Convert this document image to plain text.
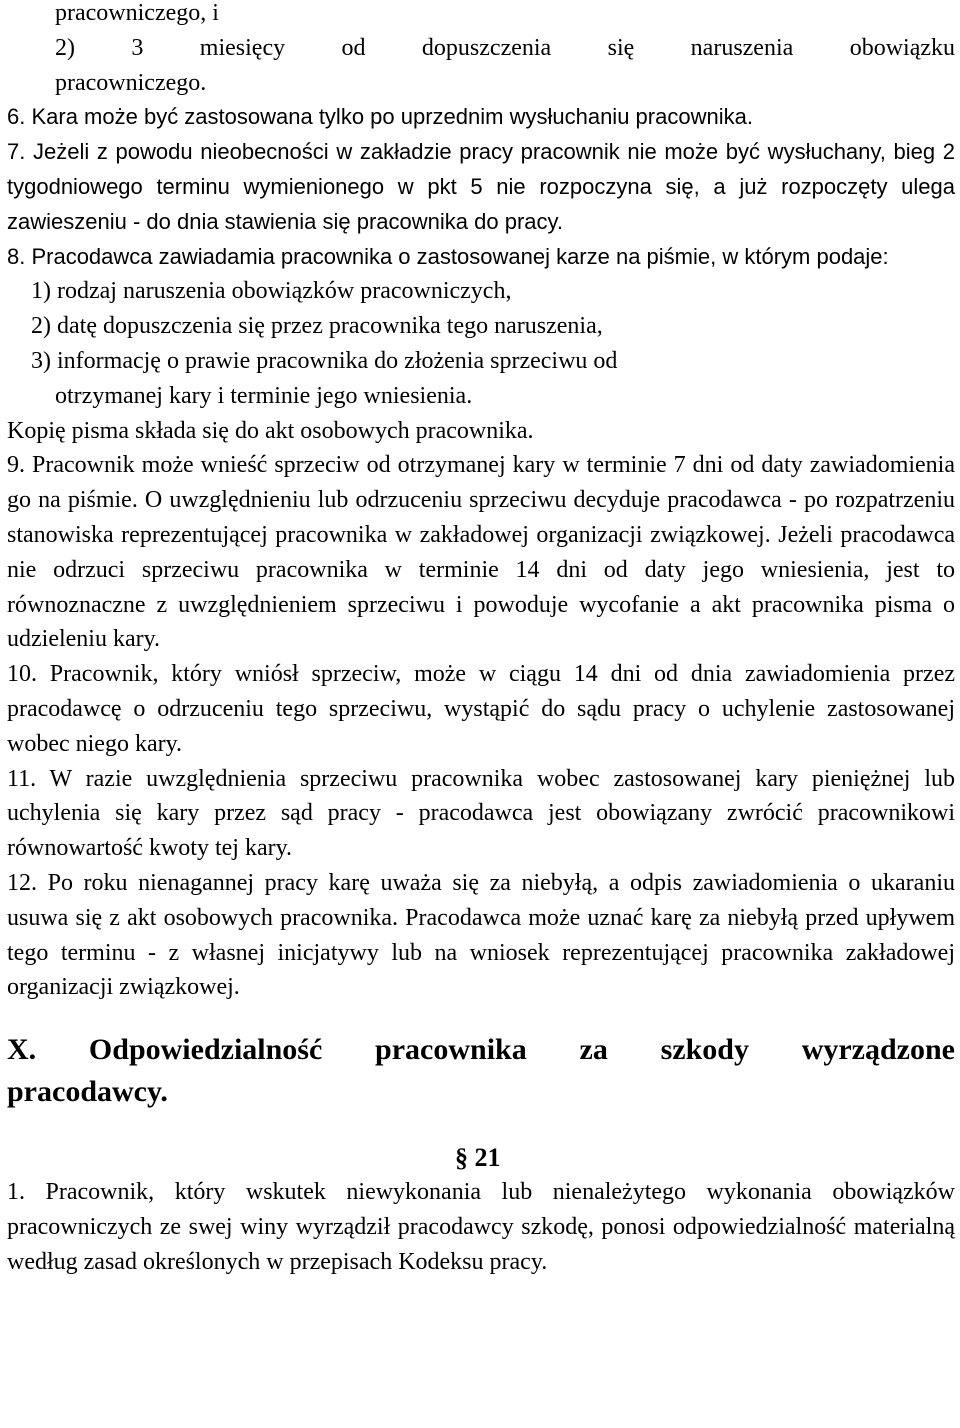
pracowniczego, i

2) 3 miesięcy od dopuszczenia się naruszenia obowiązku

pracowniczego.

6. Kara może być zastosowana tylko po uprzednim wysłuchaniu pracownika.

7. Jeżeli z powodu nieobecności w zakładzie pracy pracownik nie może być wysłuchany, bieg 2 tygodniowego terminu wymienionego w pkt 5 nie rozpoczyna się, a już rozpoczęty ulega zawieszeniu - do dnia stawienia się pracownika do pracy.

8. Pracodawca zawiadamia pracownika o zastosowanej karze na piśmie, w którym podaje:

1) rodzaj naruszenia obowiązków pracowniczych,

2) datę dopuszczenia się przez pracownika tego naruszenia,

3) informację o prawie pracownika do złożenia sprzeciwu od

otrzymanej kary i terminie jego wniesienia.

Kopię pisma składa się do akt osobowych pracownika.

9. Pracownik może wnieść sprzeciw od otrzymanej kary w terminie 7 dni od daty zawiadomienia go na piśmie. O uwzględnieniu lub odrzuceniu sprzeciwu decyduje pracodawca - po rozpatrzeniu stanowiska reprezentującej pracownika w zakładowej organizacji związkowej. Jeżeli pracodawca nie odrzuci sprzeciwu pracownika w terminie 14 dni od daty jego wniesienia, jest to równoznaczne z uwzględnieniem sprzeciwu i powoduje wycofanie a akt pracownika pisma o udzieleniu kary.

10. Pracownik, który wniósł sprzeciw, może w ciągu 14 dni od dnia zawiadomienia przez pracodawcę o odrzuceniu tego sprzeciwu, wystąpić do sądu pracy o uchylenie zastosowanej wobec niego kary.

11. W razie uwzględnienia sprzeciwu pracownika wobec zastosowanej kary pieniężnej lub uchylenia się kary przez sąd pracy - pracodawca jest obowiązany zwrócić pracownikowi równowartość kwoty tej kary.

12. Po roku nienagannej pracy karę uważa się za niebyłą, a odpis zawiadomienia o ukaraniu usuwa się z akt osobowych pracownika. Pracodawca może uznać karę za niebyłą przed upływem tego terminu - z własnej inicjatywy lub na wniosek reprezentującej pracownika zakładowej organizacji związkowej.

X. Odpowiedzialność pracownika za szkody wyrządzone
pracodawcy.

§ 21

1. Pracownik, który wskutek niewykonania lub nienależytego wykonania obowiązków pracowniczych ze swej winy wyrządził pracodawcy szkodę, ponosi odpowiedzialność materialną według zasad określonych w przepisach Kodeksu pracy.
